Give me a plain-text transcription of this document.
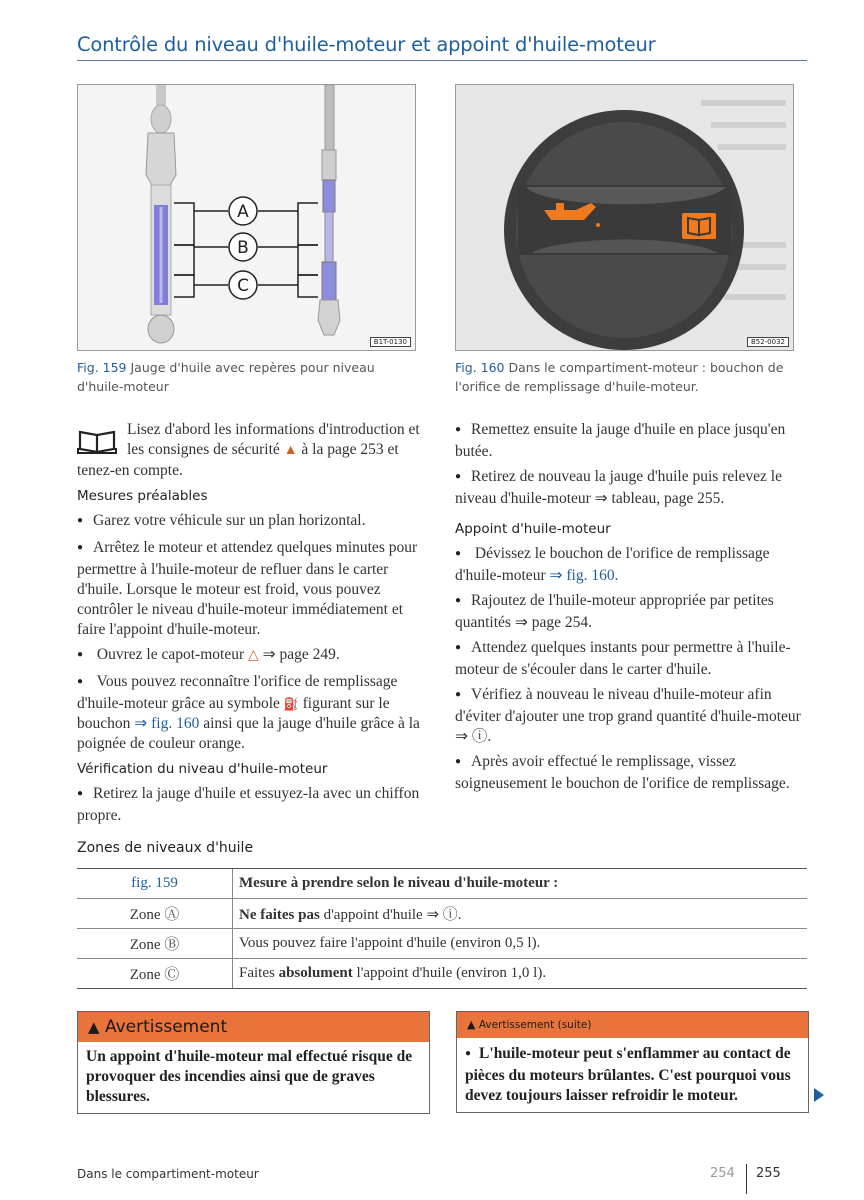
Contrôle du niveau d'huile-moteur et appoint d'huile-moteur
A
B
C
B1T-0130
Fig. 159 Jauge d'huile avec repères pour niveau d'huile-moteur
B52-0032
Fig. 160 Dans le compartiment-moteur : bouchon de l'orifice de remplissage d'huile-moteur.

Lisez d'abord les informations d'introduction et les consignes de sécurité ▲ à la page 253 et tenez-en compte.

Mesures préalables

● Garez votre véhicule sur un plan horizontal.

● Arrêtez le moteur et attendez quelques minutes pour permettre à l'huile-moteur de refluer dans le carter d'huile. Lorsque le moteur est froid, vous pouvez contrôler le niveau d'huile-moteur immédiatement et faire l'appoint d'huile-moteur.

● Ouvrez le capot-moteur △ ⇒ page 249.

● Vous pouvez reconnaître l'orifice de remplissage d'huile-moteur grâce au symbole ⛽ figurant sur le bouchon ⇒ fig. 160 ainsi que la jauge d'huile grâce à la poignée de couleur orange.

Vérification du niveau d'huile-moteur

● Retirez la jauge d'huile et essuyez-la avec un chiffon propre.

● Remettez ensuite la jauge d'huile en place jusqu'en butée.

● Retirez de nouveau la jauge d'huile puis relevez le niveau d'huile-moteur ⇒ tableau, page 255.

Appoint d'huile-moteur

● Dévissez le bouchon de l'orifice de remplissage d'huile-moteur ⇒ fig. 160.

● Rajoutez de l'huile-moteur appropriée par petites quantités ⇒ page 254.

● Attendez quelques instants pour permettre à l'huile-moteur de s'écouler dans le carter d'huile.

● Vérifiez à nouveau le niveau d'huile-moteur afin d'éviter d'ajouter une trop grand quantité d'huile-moteur ⇒ ⓘ.

● Après avoir effectué le remplissage, vissez soigneusement le bouchon de l'orifice de remplissage.

Zones de niveaux d'huile
fig. 159	Mesure à prendre selon le niveau d'huile-moteur :
Zone Ⓐ	Ne faites pas d'appoint d'huile ⇒ ⓘ.
Zone Ⓑ	Vous pouvez faire l'appoint d'huile (environ 0,5 l).
Zone Ⓒ	Faites absolument l'appoint d'huile (environ 1,0 l).
▲ Avertissement
Un appoint d'huile-moteur mal effectué risque de provoquer des incendies ainsi que de graves blessures.
▲ Avertissement (suite)
● L'huile-moteur peut s'enflammer au contact de pièces du moteurs brûlantes. C'est pourquoi vous devez toujours laisser refroidir le moteur.
Dans le compartiment-moteur	254 255
